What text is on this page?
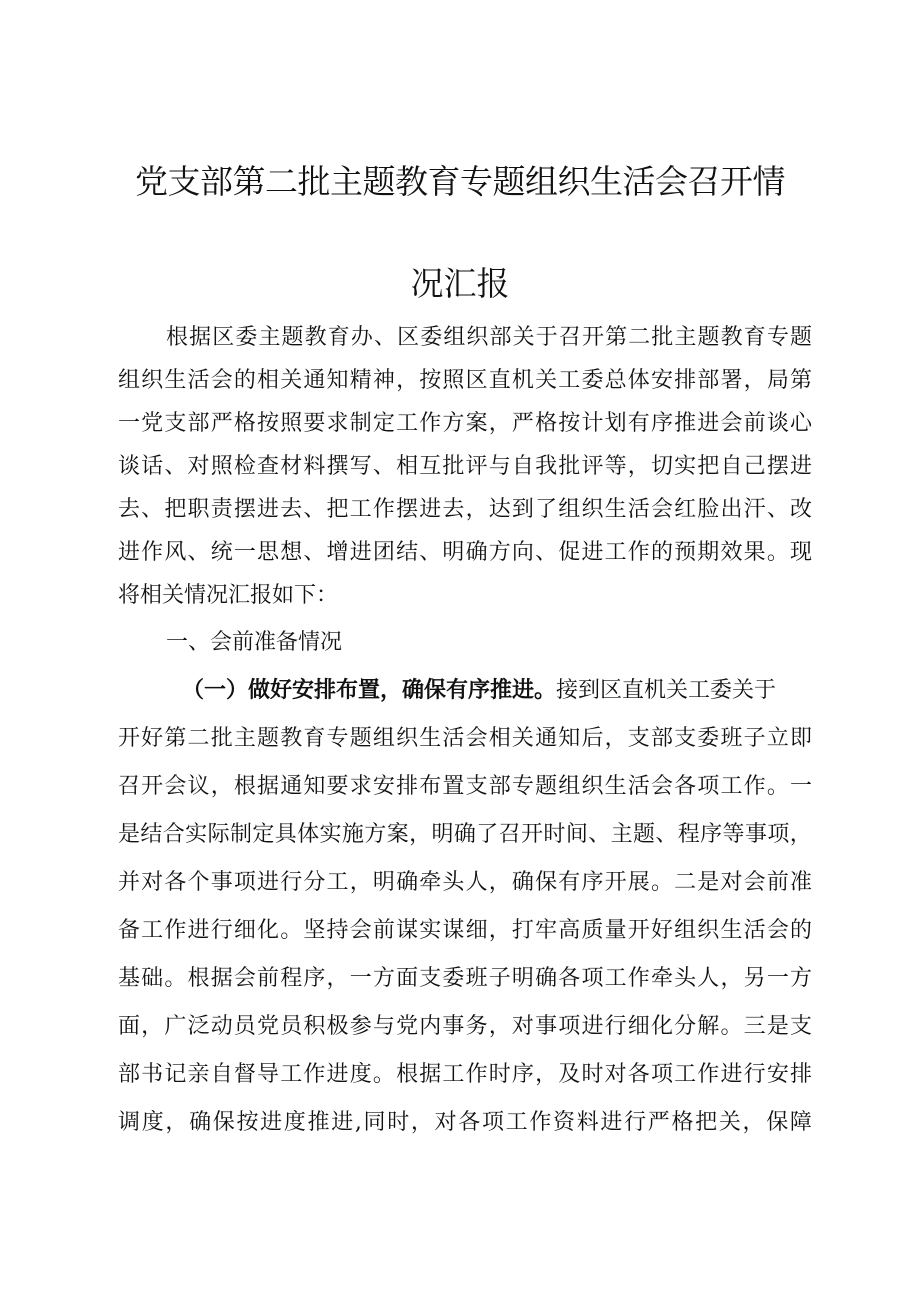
党支部第二批主题教育专题组织生活会召开情
况汇报
根 据 区 委 主 题 教 育 办 、 区 委 组 织 部 关 于 召 开 第 二 批 主 题 教 育 专 题
组 织 生 活 会 的 相 关 通 知 精 神 ， 按 照 区 直 机 关 工 委 总 体 安 排 部 署 ， 局 第
一 党 支 部 严 格 按 照 要 求 制 定 工 作 方 案 ， 严 格 按 计 划 有 序 推 进 会 前 谈 心
谈 话 、 对 照 检 查 材 料 撰 写 、 相 互 批 评 与 自 我 批 评 等 ， 切 实 把 自 己 摆 进
去 、 把 职 责 摆 进 去 、 把 工 作 摆 进 去 ， 达 到 了 组 织 生 活 会 红 脸 出 汗 、 改
进 作 风 、 统 一 思 想 、 增 进 团 结 、 明 确 方 向 、 促 进 工 作 的 预 期 效 果 。 现
将相关情况汇报如下：
一、会前准备情况
（一）做好安排布置，确保有序推进。 接到区直机关工委关于
开 好 第 二 批 主 题 教 育 专 题 组 织 生 活 会 相 关 通 知 后 ， 支 部 支 委 班 子 立 即
召 开 会 议 ， 根 据 通 知 要 求 安 排 布 置 支 部 专 题 组 织 生 活 会 各 项 工 作 。 一
是 结 合 实 际 制 定 具 体 实 施 方 案 ， 明 确 了 召 开 时 间 、 主 题 、 程 序 等 事 项 ，
并 对 各 个 事 项 进 行 分 工 ， 明 确 牵 头 人 ， 确 保 有 序 开 展 。 二 是 对 会 前 准
备 工 作 进 行 细 化 。 坚 持 会 前 谋 实 谋 细 ， 打 牢 高 质 量 开 好 组 织 生 活 会 的
基 础 。 根 据 会 前 程 序 ， 一 方 面 支 委 班 子 明 确 各 项 工 作 牵 头 人 ， 另 一 方
面 ， 广 泛 动 员 党 员 积 极 参 与 党 内 事 务 ， 对 事 项 进 行 细 化 分 解 。 三 是 支
部 书 记 亲 自 督 导 工 作 进 度 。 根 据 工 作 时 序 ， 及 时 对 各 项 工 作 进 行 安 排
调 度 ， 确 保 按 进 度 推 进 , 同 时 ， 对 各 项 工 作 资 料 进 行 严 格 把 关 ， 保 障
